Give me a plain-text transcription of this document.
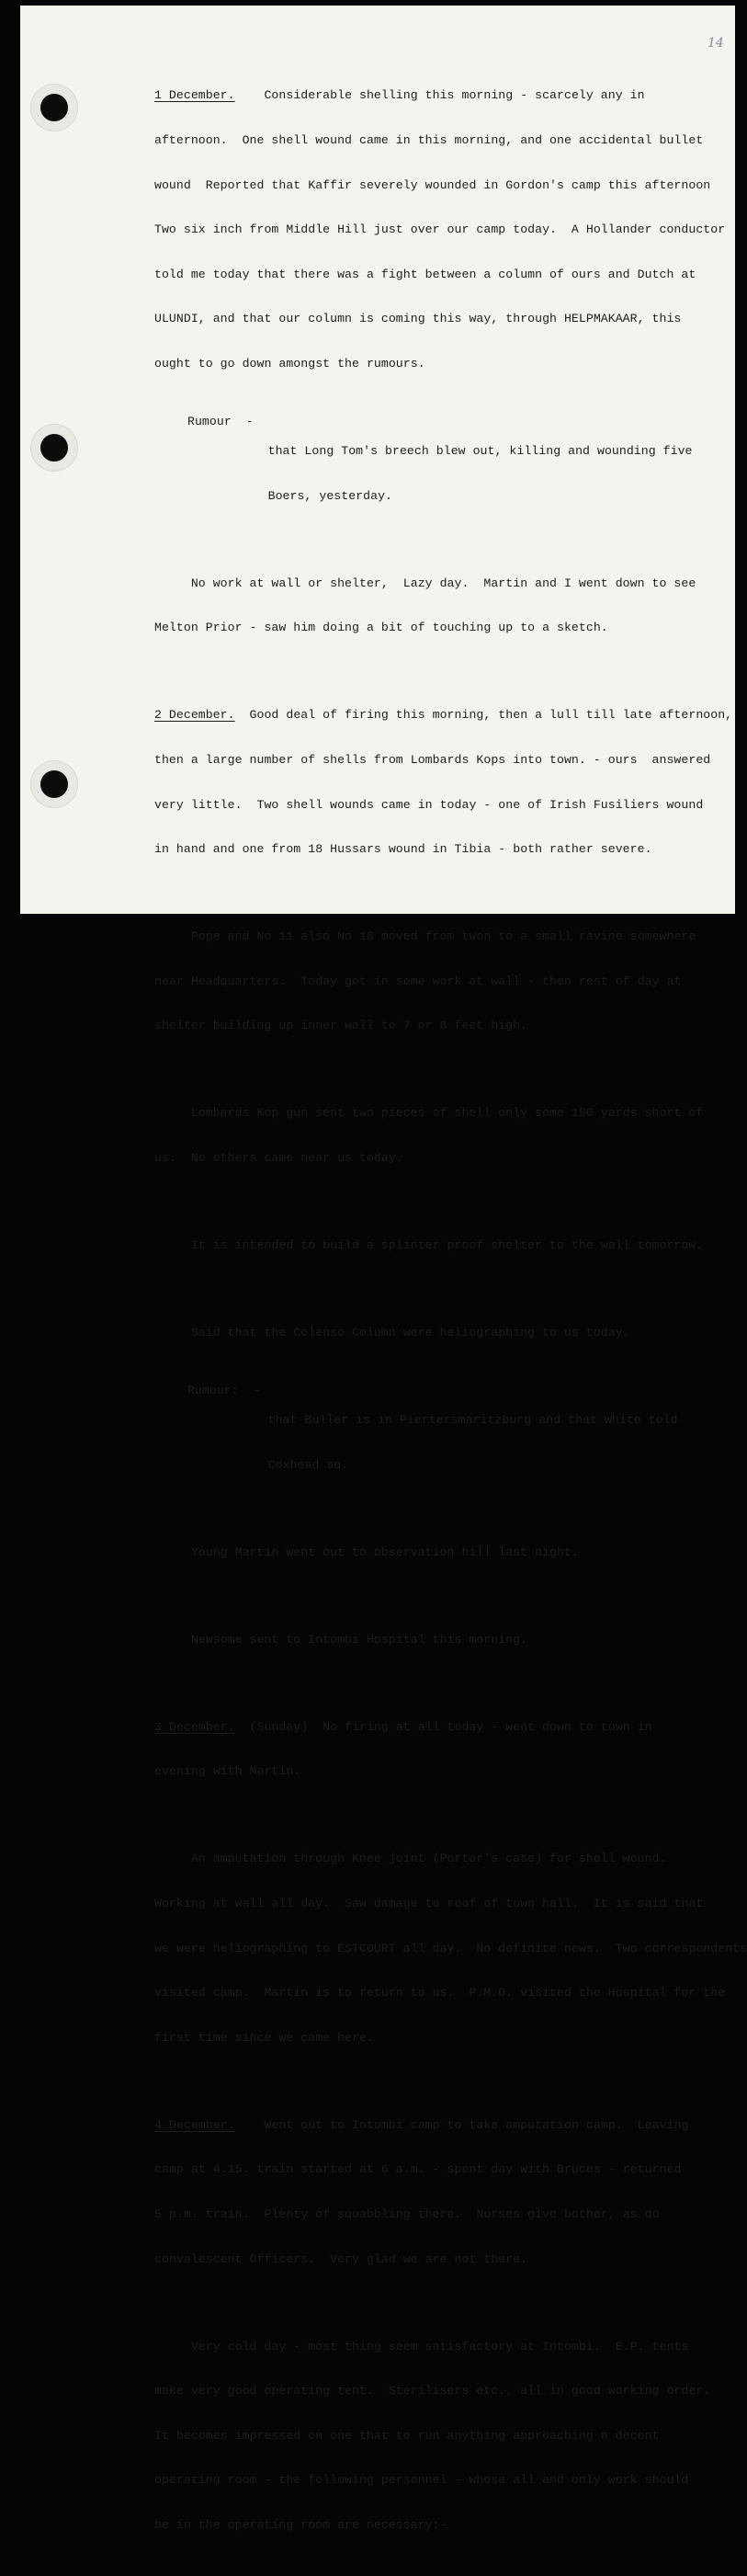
14

1 December.    Considerable shelling this morning - scarcely any in

afternoon.  One shell wound came in this morning, and one accidental bullet

wound  Reported that Kaffir severely wounded in Gordon's camp this afternoon

Two six inch from Middle Hill just over our camp today.  A Hollander conductor

told me today that there was a fight between a column of ours and Dutch at

ULUNDI, and that our column is coming this way, through HELPMAKAAR, this

ought to go down amongst the rumours.

Rumour  -

that Long Tom's breech blew out, killing and wounding five

Boers, yesterday.

No work at wall or shelter,  Lazy day.  Martin and I went down to see

Melton Prior - saw him doing a bit of touching up to a sketch.

2 December.  Good deal of firing this morning, then a lull till late afternoon,

then a large number of shells from Lombards Kops into town. - ours  answered

very little.  Two shell wounds came in today - one of Irish Fusiliers wound

in hand and one from 18 Hussars wound in Tibia - both rather severe.

Pope and No 11 also No 18 moved from twon to a small ravine somewhere

near Headquarters.  Today got in some work at wall - then rest of day at

shelter building up inner wall to 7 or 8 feet high.

Lombards Kop gun sent two pieces of shell only some 150 yards short of

us.  No others came near us today.

It is intended to build a splinter proof shelter to the wall tomorrow.

Said that the Colenso Column were heliographing to us today.

Rumour:  -

that Buller is in Piertersmaritzburg and that White told

Coxhead so.

Young Martin went out to observation hill last night.

Newsome sent to Intombi Hospital this morning.

3 December.  (Sunday)  No firing at all today - went down to town in

evening with Martin.

An amputation through Knee joint (Porter's case) for shell wound.

Working at wall all day.  Saw damage to roof of town hall.  It is said that

we were heliographing to ESTCOURT all day.  No definite news.  Two correspondents

visited camp.  Martin is to return to us.  P.M.O. visited the Hospital for the

first time since we came here.

4 December.    Went out to Intombi camp to take amputation camp.  Leaving

camp at 4.15. train started at 6 a.m. - spent day with Bruces - returned

5 p.m. train.  Plenty of squabbling there.  Nurses give bother, as do

convalescent Officers.  Very glad we are not there.

Very cold day - most thing seem satisfactory at Intombi.  E.P. tents

make very good operating tent.  Sterilisers etc., all in good working order.

It becomes impressed on one that to run anything approaching a decent

operating room - the following personnel - whose all and only work should

be in the operating room are necessary:-
